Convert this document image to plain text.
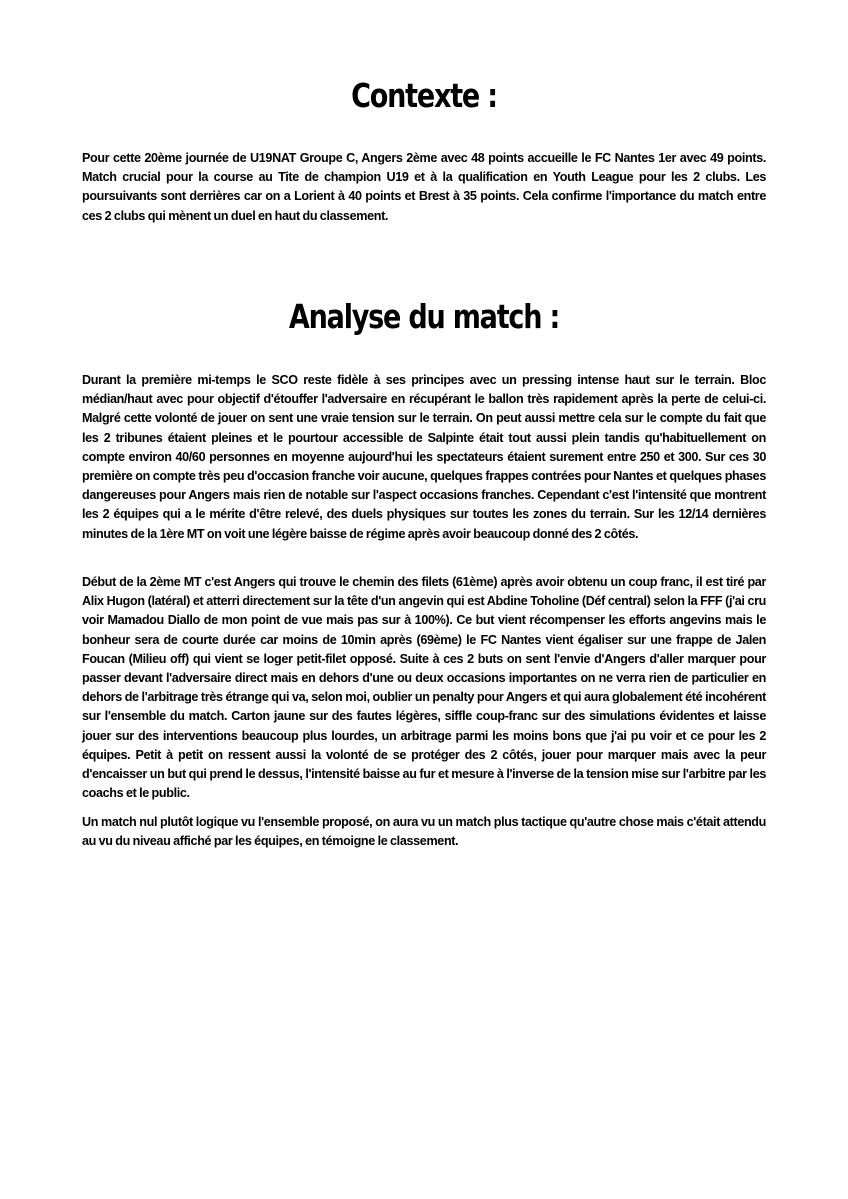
Contexte :

Pour cette 20ème journée de U19NAT Groupe C, Angers 2ème avec 48 points accueille le FC Nantes 1er avec 49 points. Match crucial pour la course au Tite de champion U19 et à la qualification en Youth League pour les 2 clubs. Les poursuivants sont derrières car on a Lorient à 40 points et Brest à 35 points. Cela confirme l'importance du match entre ces 2 clubs qui mènent un duel en haut du classement.

Analyse du match :

Durant la première mi-temps le SCO reste fidèle à ses principes avec un pressing intense haut sur le terrain. Bloc médian/haut avec pour objectif d'étouffer l'adversaire en récupérant le ballon très rapidement après la perte de celui-ci. Malgré cette volonté de jouer on sent une vraie tension sur le terrain. On peut aussi mettre cela sur le compte du fait que les 2 tribunes étaient pleines et le pourtour accessible de Salpinte était tout aussi plein tandis qu'habituellement on compte environ 40/60 personnes en moyenne aujourd'hui les spectateurs étaient surement entre 250 et 300. Sur ces 30 première on compte très peu d'occasion franche voir aucune, quelques frappes contrées pour Nantes et quelques phases dangereuses pour Angers mais rien de notable sur l'aspect occasions franches. Cependant c'est l'intensité que montrent les 2 équipes qui a le mérite d'être relevé, des duels physiques sur toutes les zones du terrain. Sur les 12/14 dernières minutes de la 1ère MT on voit une légère baisse de régime après avoir beaucoup donné des 2 côtés.

Début de la 2ème MT c'est Angers qui trouve le chemin des filets (61ème) après avoir obtenu un coup franc, il est tiré par Alix Hugon (latéral) et atterri directement sur la tête d'un angevin qui est Abdine Toholine (Déf central) selon la FFF (j'ai cru voir Mamadou Diallo de mon point de vue mais pas sur à 100%). Ce but vient récompenser les efforts angevins mais le bonheur sera de courte durée car moins de 10min après (69ème) le FC Nantes vient égaliser sur une frappe de Jalen Foucan (Milieu off) qui vient se loger petit-filet opposé. Suite à ces 2 buts on sent l'envie d'Angers d'aller marquer pour passer devant l'adversaire direct mais en dehors d'une ou deux occasions importantes on ne verra rien de particulier en dehors de l'arbitrage très étrange qui va, selon moi, oublier un penalty pour Angers et qui aura globalement été incohérent sur l'ensemble du match. Carton jaune sur des fautes légères, siffle coup-franc sur des simulations évidentes et laisse jouer sur des interventions beaucoup plus lourdes, un arbitrage parmi les moins bons que j'ai pu voir et ce pour les 2 équipes. Petit à petit on ressent aussi la volonté de se protéger des 2 côtés, jouer pour marquer mais avec la peur d'encaisser un but qui prend le dessus, l'intensité baisse au fur et mesure à l'inverse de la tension mise sur l'arbitre par les coachs et le public.

Un match nul plutôt logique vu l'ensemble proposé, on aura vu un match plus tactique qu'autre chose mais c'était attendu au vu du niveau affiché par les équipes, en témoigne le classement.
